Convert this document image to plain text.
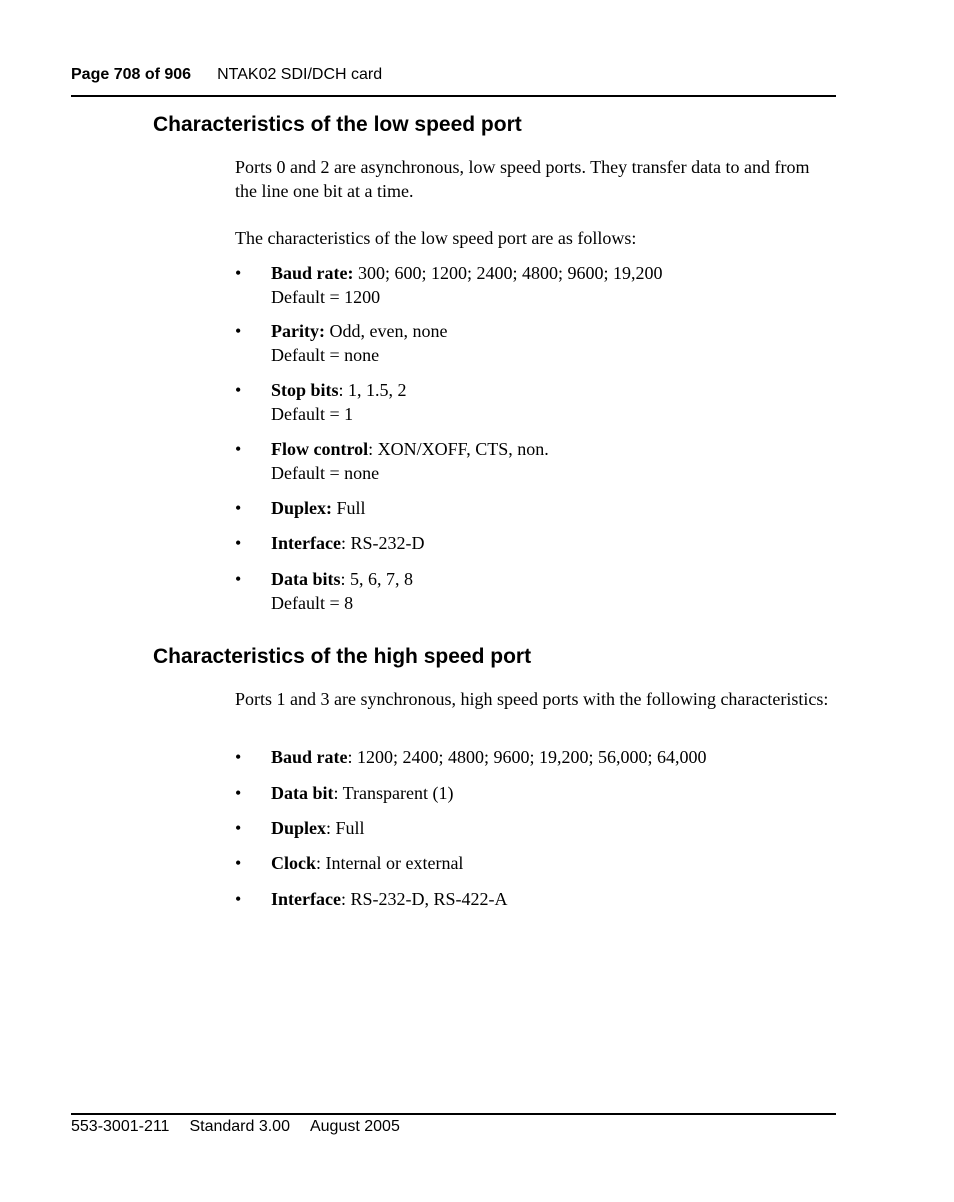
Page 708 of 906 NTAK02 SDI/DCH card
Characteristics of the low speed port
Ports 0 and 2 are asynchronous, low speed ports. They transfer data to and from the line one bit at a time.
The characteristics of the low speed port are as follows:
• Baud rate: 300; 600; 1200; 2400; 4800; 9600; 19,200
Default = 1200
• Parity: Odd, even, none
Default = none
• Stop bits: 1, 1.5, 2
Default = 1
• Flow control: XON/XOFF, CTS, non.
Default = none
• Duplex: Full
• Interface: RS-232-D
• Data bits: 5, 6, 7, 8
Default = 8
Characteristics of the high speed port
Ports 1 and 3 are synchronous, high speed ports with the following characteristics:
• Baud rate: 1200; 2400; 4800; 9600; 19,200; 56,000; 64,000
• Data bit: Transparent (1)
• Duplex: Full
• Clock: Internal or external
• Interface: RS-232-D, RS-422-A
553-3001-211 Standard 3.00 August 2005
